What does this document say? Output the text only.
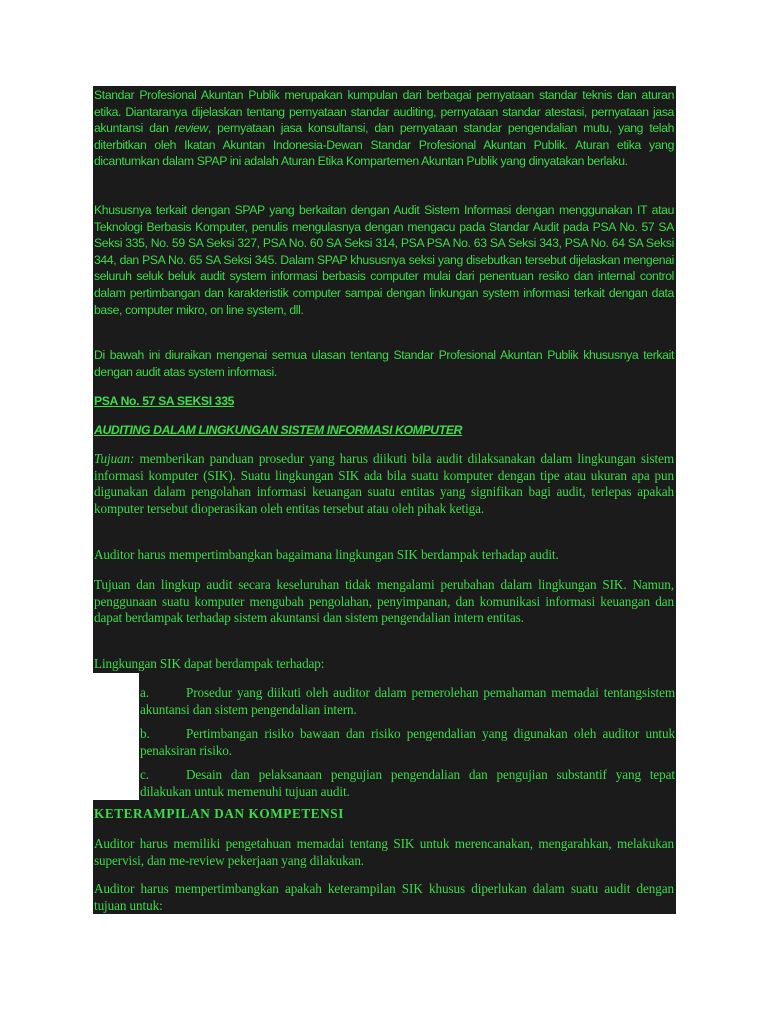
Standar Profesional Akuntan Publik merupakan kumpulan dari berbagai pernyataan standar teknis dan aturan etika. Diantaranya dijelaskan tentang pernyataan standar auditing, pernyataan standar atestasi, pernyataan jasa akuntansi dan review, pernyataan jasa konsultansi, dan pernyataan standar pengendalian mutu, yang telah diterbitkan oleh Ikatan Akuntan Indonesia-Dewan Standar Profesional Akuntan Publik. Aturan etika yang dicantumkan dalam SPAP ini adalah Aturan Etika Kompartemen Akuntan Publik yang dinyatakan berlaku.

Khususnya terkait dengan SPAP yang berkaitan dengan Audit Sistem Informasi dengan menggunakan IT atau Teknologi Berbasis Komputer, penulis mengulasnya dengan mengacu pada Standar Audit pada PSA No. 57 SA Seksi 335, No. 59 SA Seksi 327, PSA No. 60 SA Seksi 314, PSA PSA No. 63 SA Seksi 343, PSA No. 64 SA Seksi 344, dan PSA No. 65 SA Seksi 345. Dalam SPAP khususnya seksi yang disebutkan tersebut dijelaskan mengenai seluruh seluk beluk audit system informasi berbasis computer mulai dari penentuan resiko dan internal control dalam pertimbangan dan karakteristik computer sampai dengan linkungan system informasi terkait dengan data base, computer mikro, on line system, dll.

Di bawah ini diuraikan mengenai semua ulasan tentang Standar Profesional Akuntan Publik khususnya terkait dengan audit atas system informasi.

PSA No. 57 SA SEKSI 335

AUDITING DALAM LINGKUNGAN SISTEM INFORMASI KOMPUTER

Tujuan: memberikan panduan prosedur yang harus diikuti bila audit dilaksanakan dalam lingkungan sistem informasi komputer (SIK). Suatu lingkungan SIK ada bila suatu komputer dengan tipe atau ukuran apa pun digunakan dalam pengolahan informasi keuangan suatu entitas yang signifikan bagi audit, terlepas apakah komputer tersebut dioperasikan oleh entitas tersebut atau oleh pihak ketiga.

Auditor harus mempertimbangkan bagaimana lingkungan SIK berdampak terhadap audit.

Tujuan dan lingkup audit secara keseluruhan tidak mengalami perubahan dalam lingkungan SIK. Namun, penggunaan suatu komputer mengubah pengolahan, penyimpanan, dan komunikasi informasi keuangan dan dapat berdampak terhadap sistem akuntansi dan sistem pengendalian intern entitas.

Lingkungan SIK dapat berdampak terhadap:

a.	Prosedur yang diikuti oleh auditor dalam pemerolehan pemahaman memadai tentangsistem akuntansi dan sistem pengendalian intern.

b.	Pertimbangan risiko bawaan dan risiko pengendalian yang digunakan oleh auditor untuk penaksiran risiko.

c.	Desain dan pelaksanaan pengujian pengendalian dan pengujian substantif yang tepat dilakukan untuk memenuhi tujuan audit.

KETERAMPILAN DAN KOMPETENSI

Auditor harus memiliki pengetahuan memadai tentang SIK untuk merencanakan, mengarahkan, melakukan supervisi, dan me-review pekerjaan yang dilakukan.

Auditor harus mempertimbangkan apakah keterampilan SIK khusus diperlukan dalam suatu audit dengan tujuan untuk:
